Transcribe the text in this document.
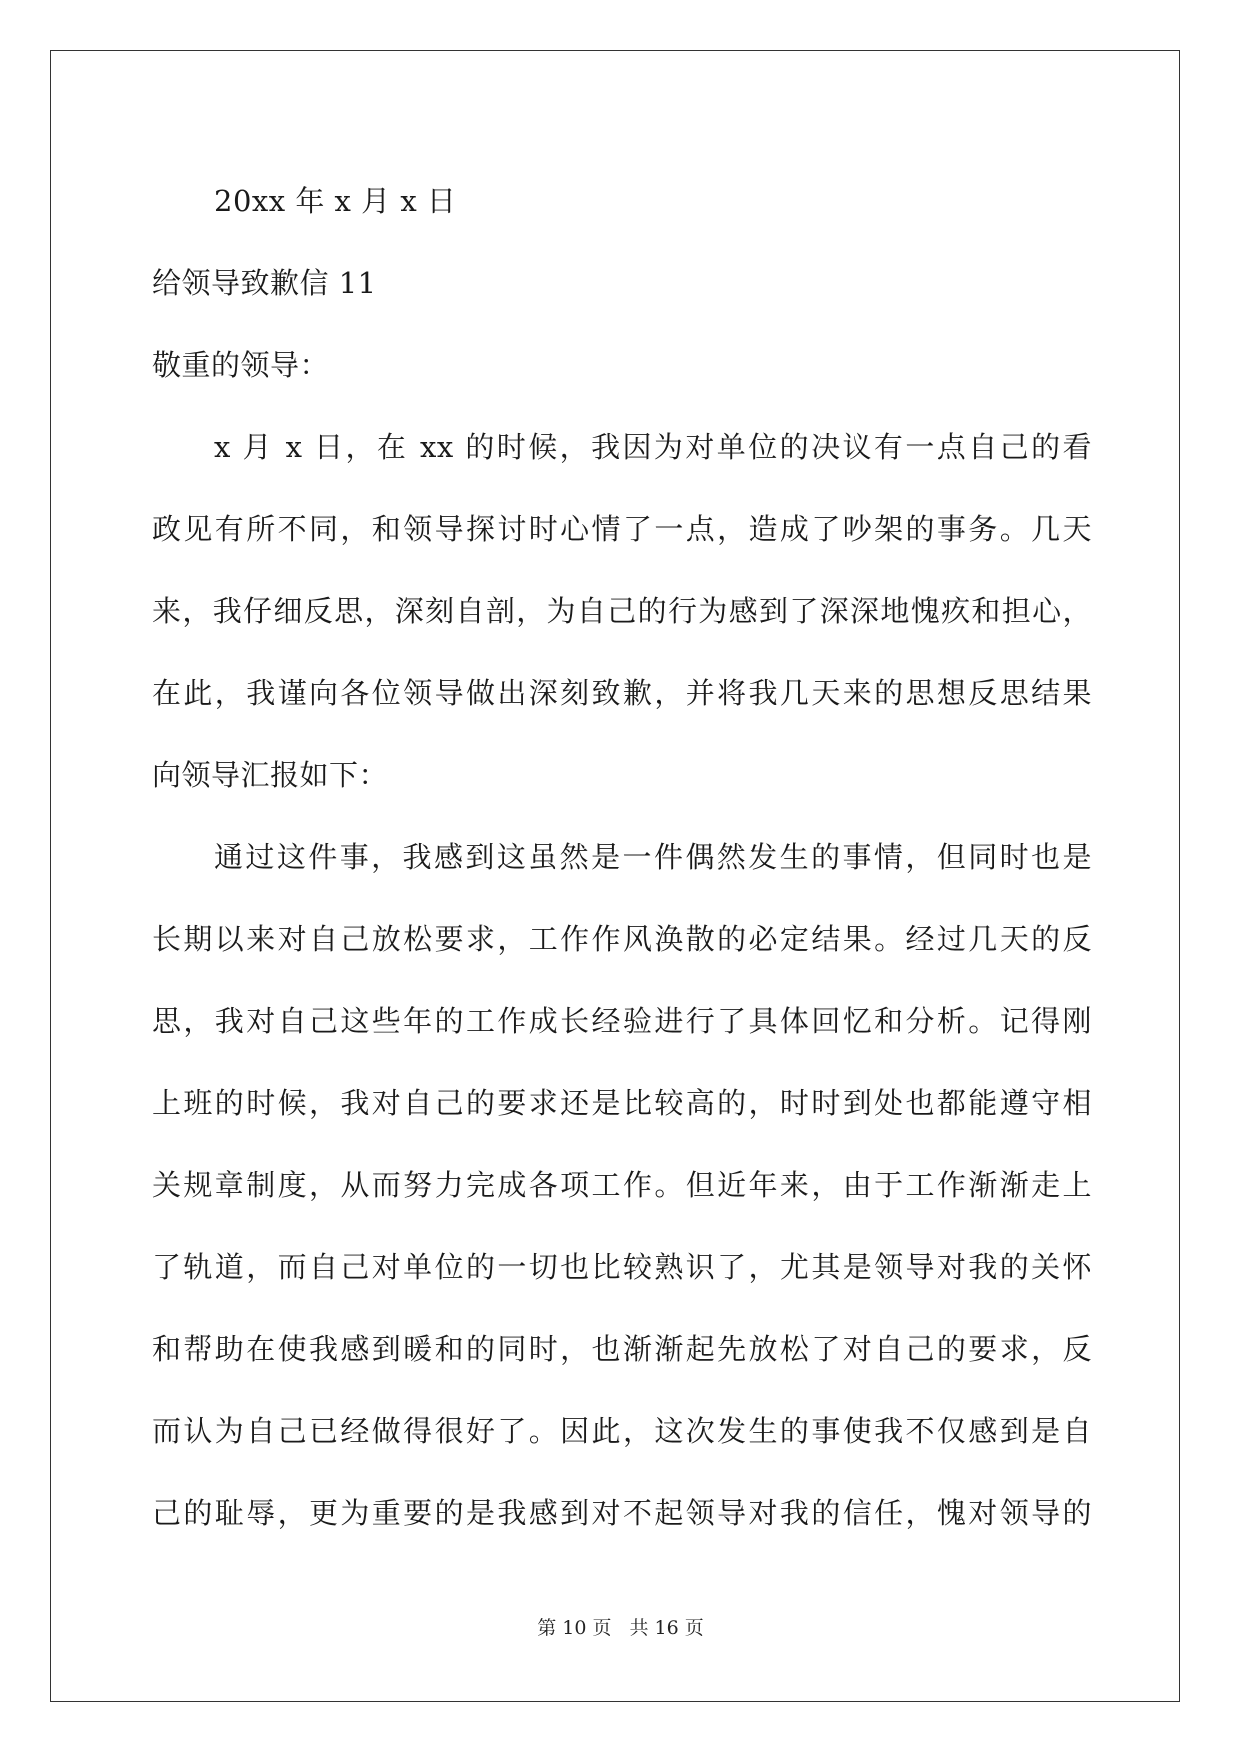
20xx 年 x 月 x 日
给领导致歉信 11
敬重的领导：
x 月 x 日，在 xx 的时候，我因为对单位的决议有一点自己的看
政见有所不同，和领导探讨时心情了一点，造成了吵架的事务。几天
来，我仔细反思，深刻自剖，为自己的行为感到了深深地愧疚和担心，
在此，我谨向各位领导做出深刻致歉，并将我几天来的思想反思结果
向领导汇报如下：
通过这件事，我感到这虽然是一件偶然发生的事情，但同时也是
长期以来对自己放松要求，工作作风涣散的必定结果。经过几天的反
思，我对自己这些年的工作成长经验进行了具体回忆和分析。记得刚
上班的时候，我对自己的要求还是比较高的，时时到处也都能遵守相
关规章制度，从而努力完成各项工作。但近年来，由于工作渐渐走上
了轨道，而自己对单位的一切也比较熟识了，尤其是领导对我的关怀
和帮助在使我感到暖和的同时，也渐渐起先放松了对自己的要求，反
而认为自己已经做得很好了。因此，这次发生的事使我不仅感到是自
己的耻辱，更为重要的是我感到对不起领导对我的信任，愧对领导的
第 10 页 共 16 页
